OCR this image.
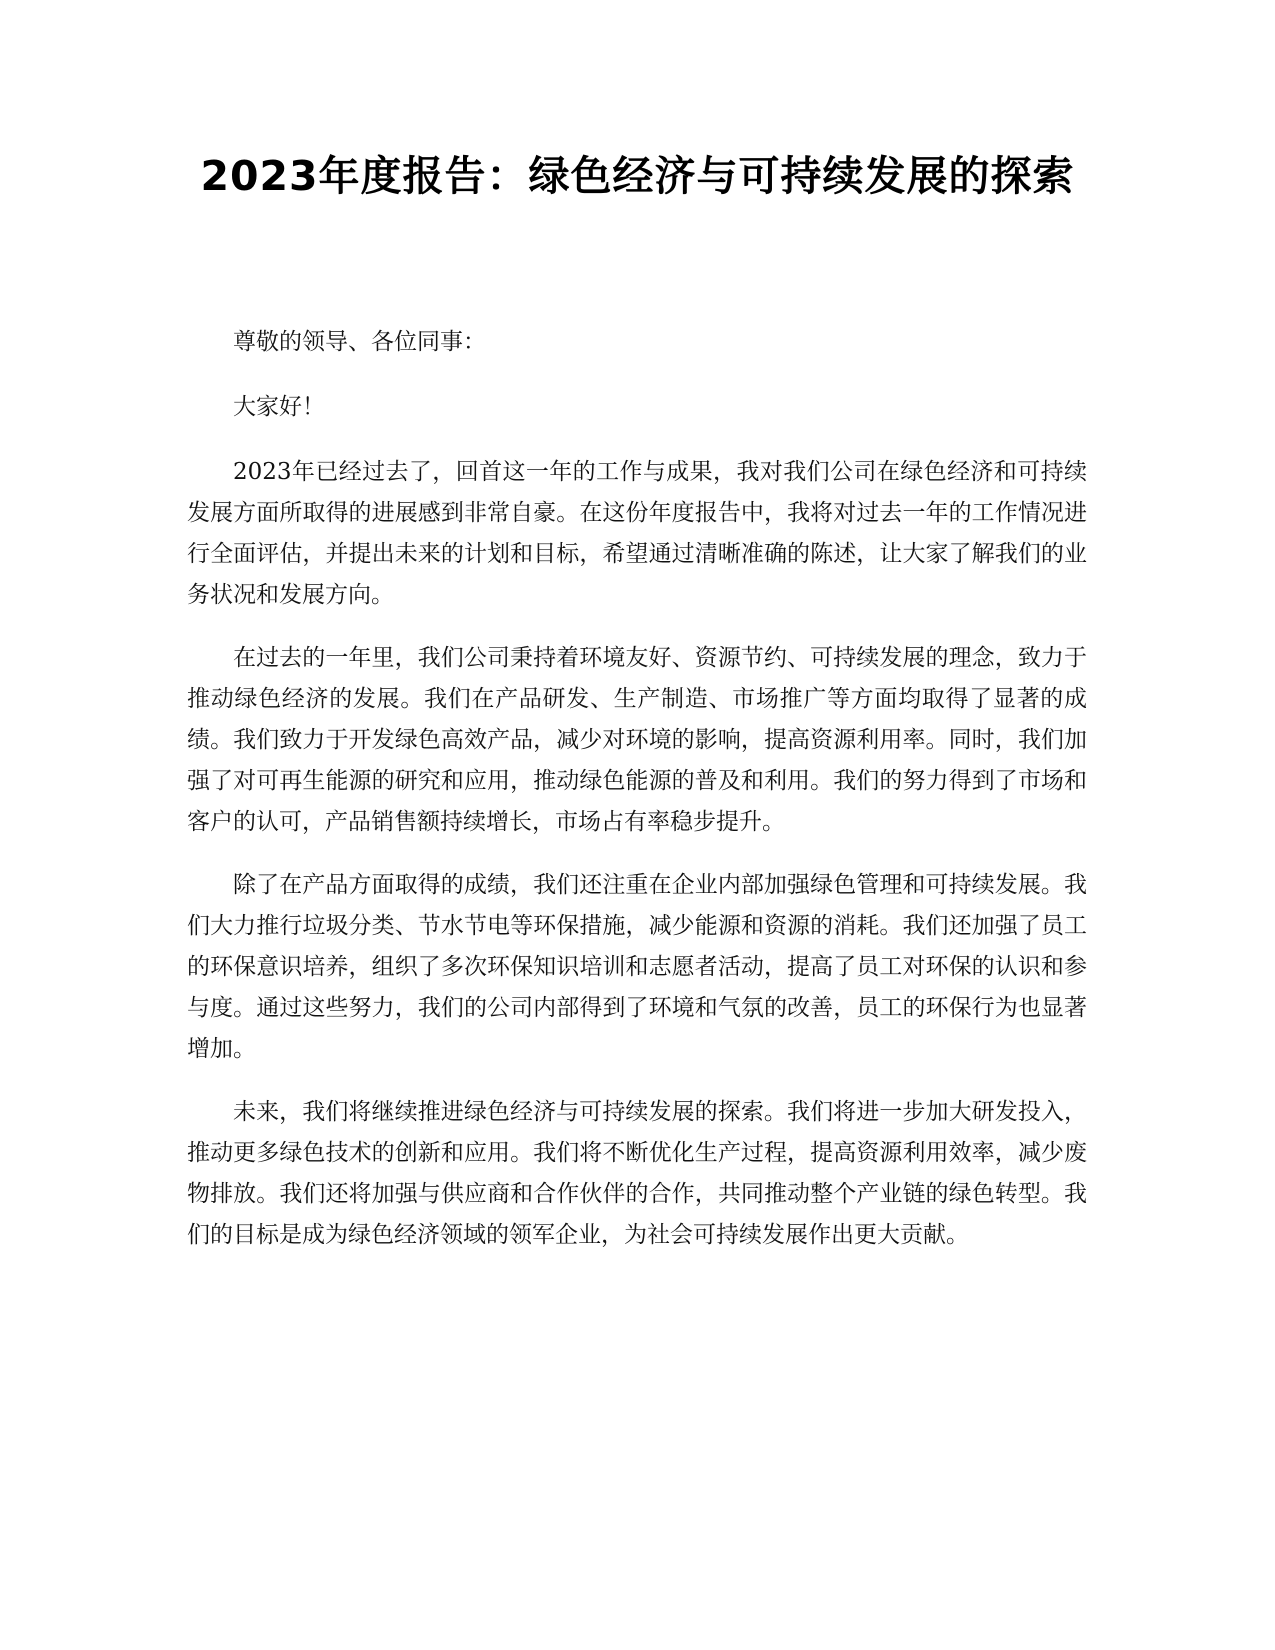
2023年度报告：绿色经济与可持续发展的探索

尊敬的领导、各位同事：

大家好！

2023年已经过去了，回首这一年的工作与成果，我对我们公司在绿色经济和可持续发展方面所取得的进展感到非常自豪。在这份年度报告中，我将对过去一年的工作情况进行全面评估，并提出未来的计划和目标，希望通过清晰准确的陈述，让大家了解我们的业务状况和发展方向。

在过去的一年里，我们公司秉持着环境友好、资源节约、可持续发展的理念，致力于推动绿色经济的发展。我们在产品研发、生产制造、市场推广等方面均取得了显著的成绩。我们致力于开发绿色高效产品，减少对环境的影响，提高资源利用率。同时，我们加强了对可再生能源的研究和应用，推动绿色能源的普及和利用。我们的努力得到了市场和客户的认可，产品销售额持续增长，市场占有率稳步提升。

除了在产品方面取得的成绩，我们还注重在企业内部加强绿色管理和可持续发展。我们大力推行垃圾分类、节水节电等环保措施，减少能源和资源的消耗。我们还加强了员工的环保意识培养，组织了多次环保知识培训和志愿者活动，提高了员工对环保的认识和参与度。通过这些努力，我们的公司内部得到了环境和气氛的改善，员工的环保行为也显著增加。

未来，我们将继续推进绿色经济与可持续发展的探索。我们将进一步加大研发投入，推动更多绿色技术的创新和应用。我们将不断优化生产过程，提高资源利用效率，减少废物排放。我们还将加强与供应商和合作伙伴的合作，共同推动整个产业链的绿色转型。我们的目标是成为绿色经济领域的领军企业，为社会可持续发展作出更大贡献。
